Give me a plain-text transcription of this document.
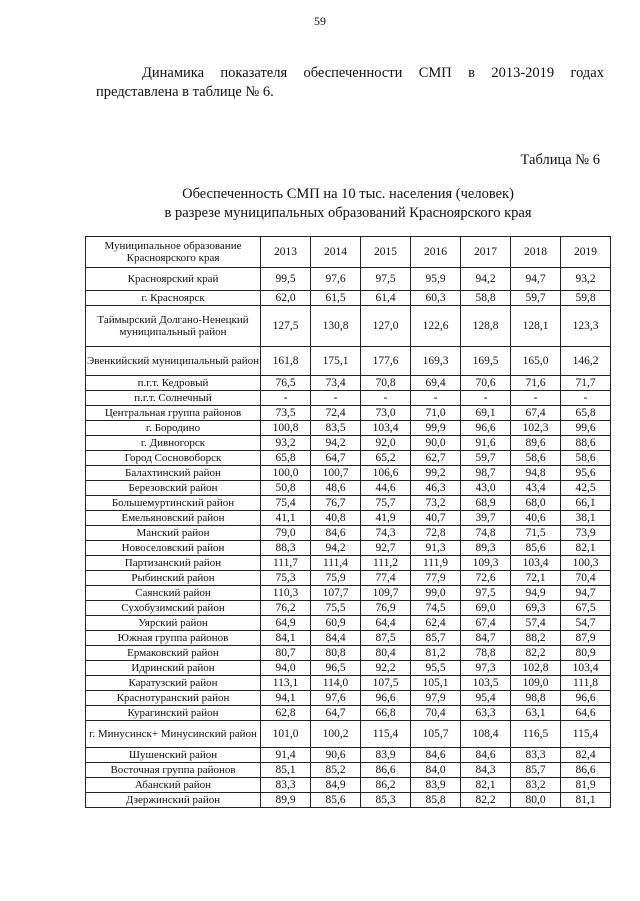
59

Динамика показателя обеспеченности СМП в 2013-2019 годах представлена в таблице № 6.

Таблица № 6
Обеспеченность СМП на 10 тыс. населения (человек)
в разрезе муниципальных образований Красноярского края
Муниципальное образование Красноярского края	2013	2014	2015	2016	2017	2018	2019
Красноярский край	99,5	97,6	97,5	95,9	94,2	94,7	93,2
г. Красноярск	62,0	61,5	61,4	60,3	58,8	59,7	59,8
Таймырский Долгано-Ненецкий муниципальный район	127,5	130,8	127,0	122,6	128,8	128,1	123,3
Эвенкийский муниципальный район	161,8	175,1	177,6	169,3	169,5	165,0	146,2
п.г.т. Кедровый	76,5	73,4	70,8	69,4	70,6	71,6	71,7
п.г.т. Солнечный	-	-	-	-	-	-	-
Центральная группа районов	73,5	72,4	73,0	71,0	69,1	67,4	65,8
г. Бородино	100,8	83,5	103,4	99,9	96,6	102,3	99,6
г. Дивногорск	93,2	94,2	92,0	90,0	91,6	89,6	88,6
Город Сосновоборск	65,8	64,7	65,2	62,7	59,7	58,6	58,6
Балахтинский район	100,0	100,7	106,6	99,2	98,7	94,8	95,6
Березовский район	50,8	48,6	44,6	46,3	43,0	43,4	42,5
Большемуртинский район	75,4	76,7	75,7	73,2	68,9	68,0	66,1
Емельяновский район	41,1	40,8	41,9	40,7	39,7	40,6	38,1
Манский район	79,0	84,6	74,3	72,8	74,8	71,5	73,9
Новоселовский район	88,3	94,2	92,7	91,3	89,3	85,6	82,1
Партизанский район	111,7	111,4	111,2	111,9	109,3	103,4	100,3
Рыбинский район	75,3	75,9	77,4	77,9	72,6	72,1	70,4
Саянский район	110,3	107,7	109,7	99,0	97,5	94,9	94,7
Сухобузимский район	76,2	75,5	76,9	74,5	69,0	69,3	67,5
Уярский район	64,9	60,9	64,4	62,4	67,4	57,4	54,7
Южная группа районов	84,1	84,4	87,5	85,7	84,7	88,2	87,9
Ермаковский район	80,7	80,8	80,4	81,2	78,8	82,2	80,9
Идринский район	94,0	96,5	92,2	95,5	97,3	102,8	103,4
Каратузский район	113,1	114,0	107,5	105,1	103,5	109,0	111,8
Краснотуранский район	94,1	97,6	96,6	97,9	95,4	98,8	96,6
Курагинский район	62,8	64,7	66,8	70,4	63,3	63,1	64,6
г. Минусинск+ Минусинский район	101,0	100,2	115,4	105,7	108,4	116,5	115,4
Шушенский район	91,4	90,6	83,9	84,6	84,6	83,3	82,4
Восточная группа районов	85,1	85,2	86,6	84,0	84,3	85,7	86,6
Абанский район	83,3	84,9	86,2	83,9	82,1	83,2	81,9
Дзержинский район	89,9	85,6	85,3	85,8	82,2	80,0	81,1
